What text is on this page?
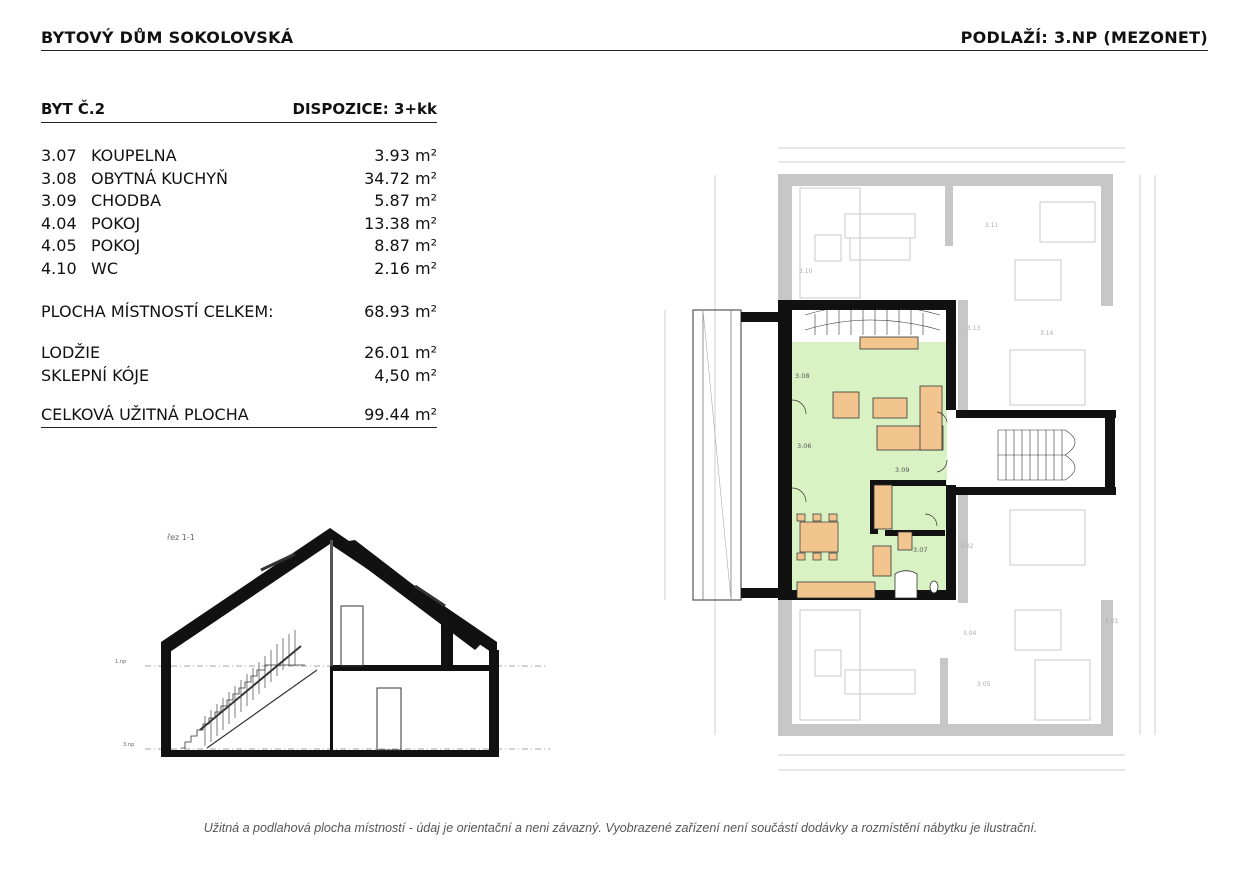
BYTOVÝ DŮM SOKOLOVSKÁ	PODLAŽÍ: 3.NP (MEZONET)
BYT Č.2	DISPOZICE: 3+kk
3.07 KOUPELNA	3.93 m²
3.08 OBYTNÁ KUCHYŇ	34.72 m²
3.09 CHODBA	5.87 m²
4.04 POKOJ	13.38 m²
4.05 POKOJ	8.87 m²
4.10 WC	2.16 m²
PLOCHA MÍSTNOSTÍ CELKEM:	68.93 m²
LODŽIE	26.01 m²
SKLEPNÍ KÓJE	4,50 m²
CELKOVÁ UŽITNÁ PLOCHA	99.44 m²
řez 1-1
1.np
3.np
3.10
3.11
3.13
3.14
3.02
3.04
3.05
3.01
3.08
3.06
3.09
3.07
Užitná a podlahová plocha místností - údaj je orientační a neni závazný. Vyobrazené zařízení není součástí dodávky a rozmístění nábytku je ilustrační.
